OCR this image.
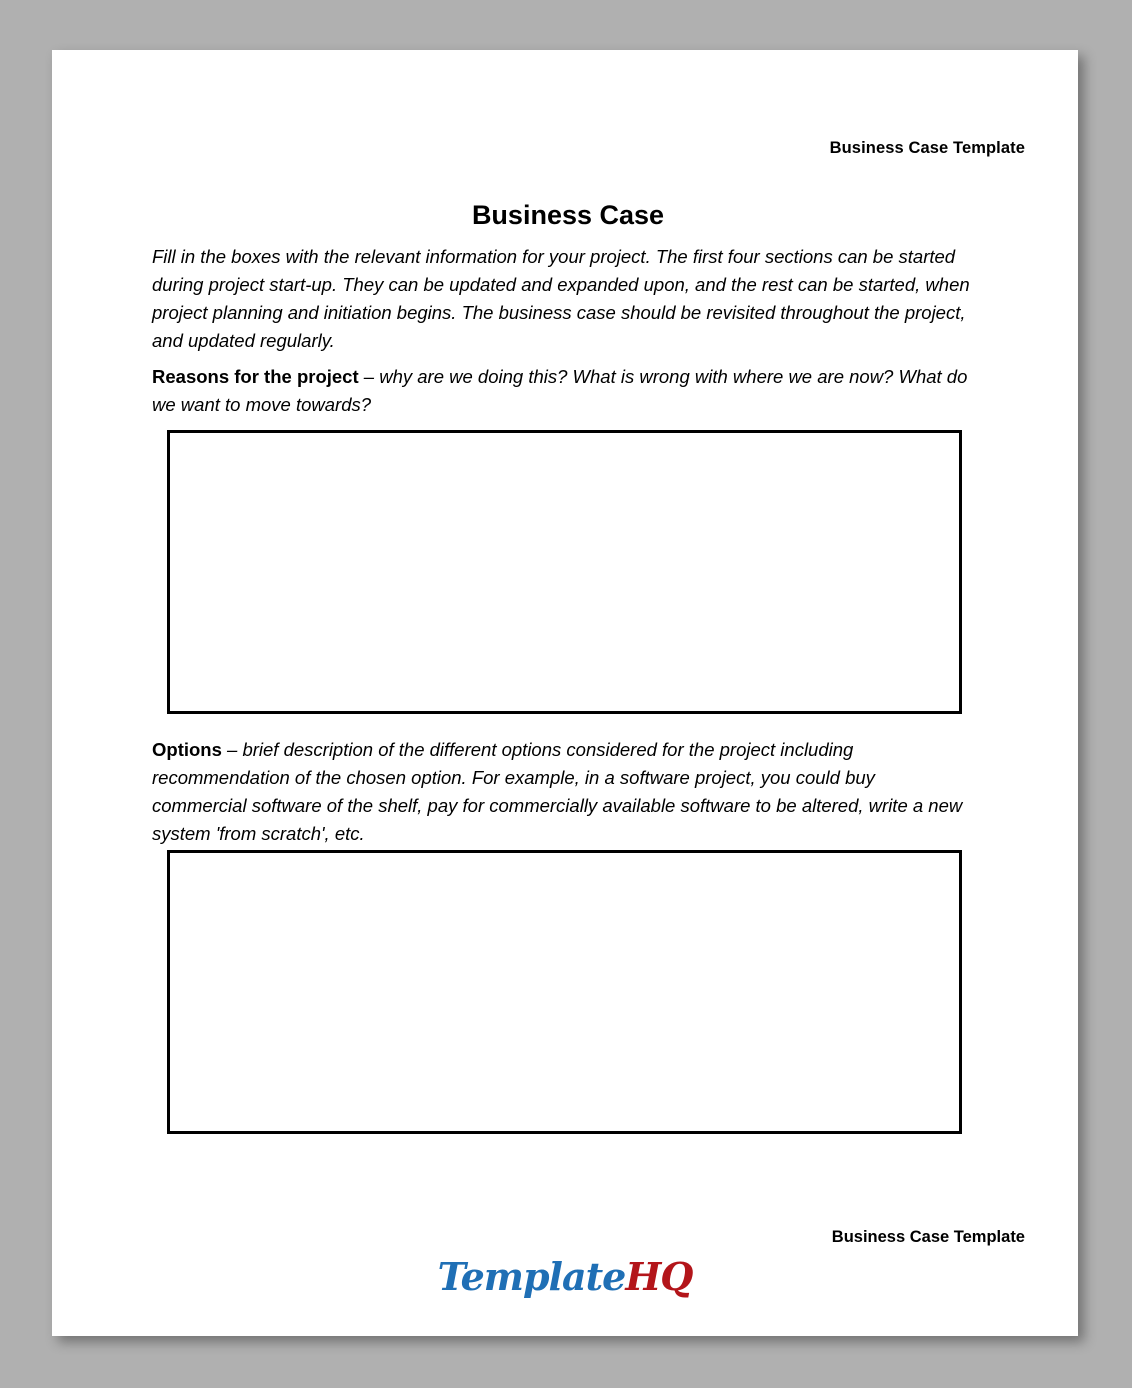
Business Case Template
Business Case
Fill in the boxes with the relevant information for your project. The first four sections can be started during project start-up. They can be updated and expanded upon, and the rest can be started, when project planning and initiation begins. The business case should be revisited throughout the project, and updated regularly.
Reasons for the project – why are we doing this? What is wrong with where we are now? What do we want to move towards?
Options – brief description of the different options considered for the project including recommendation of the chosen option. For example, in a software project, you could buy commercial software of the shelf, pay for commercially available software to be altered, write a new system 'from scratch', etc.
Business Case Template
TemplateHQ
